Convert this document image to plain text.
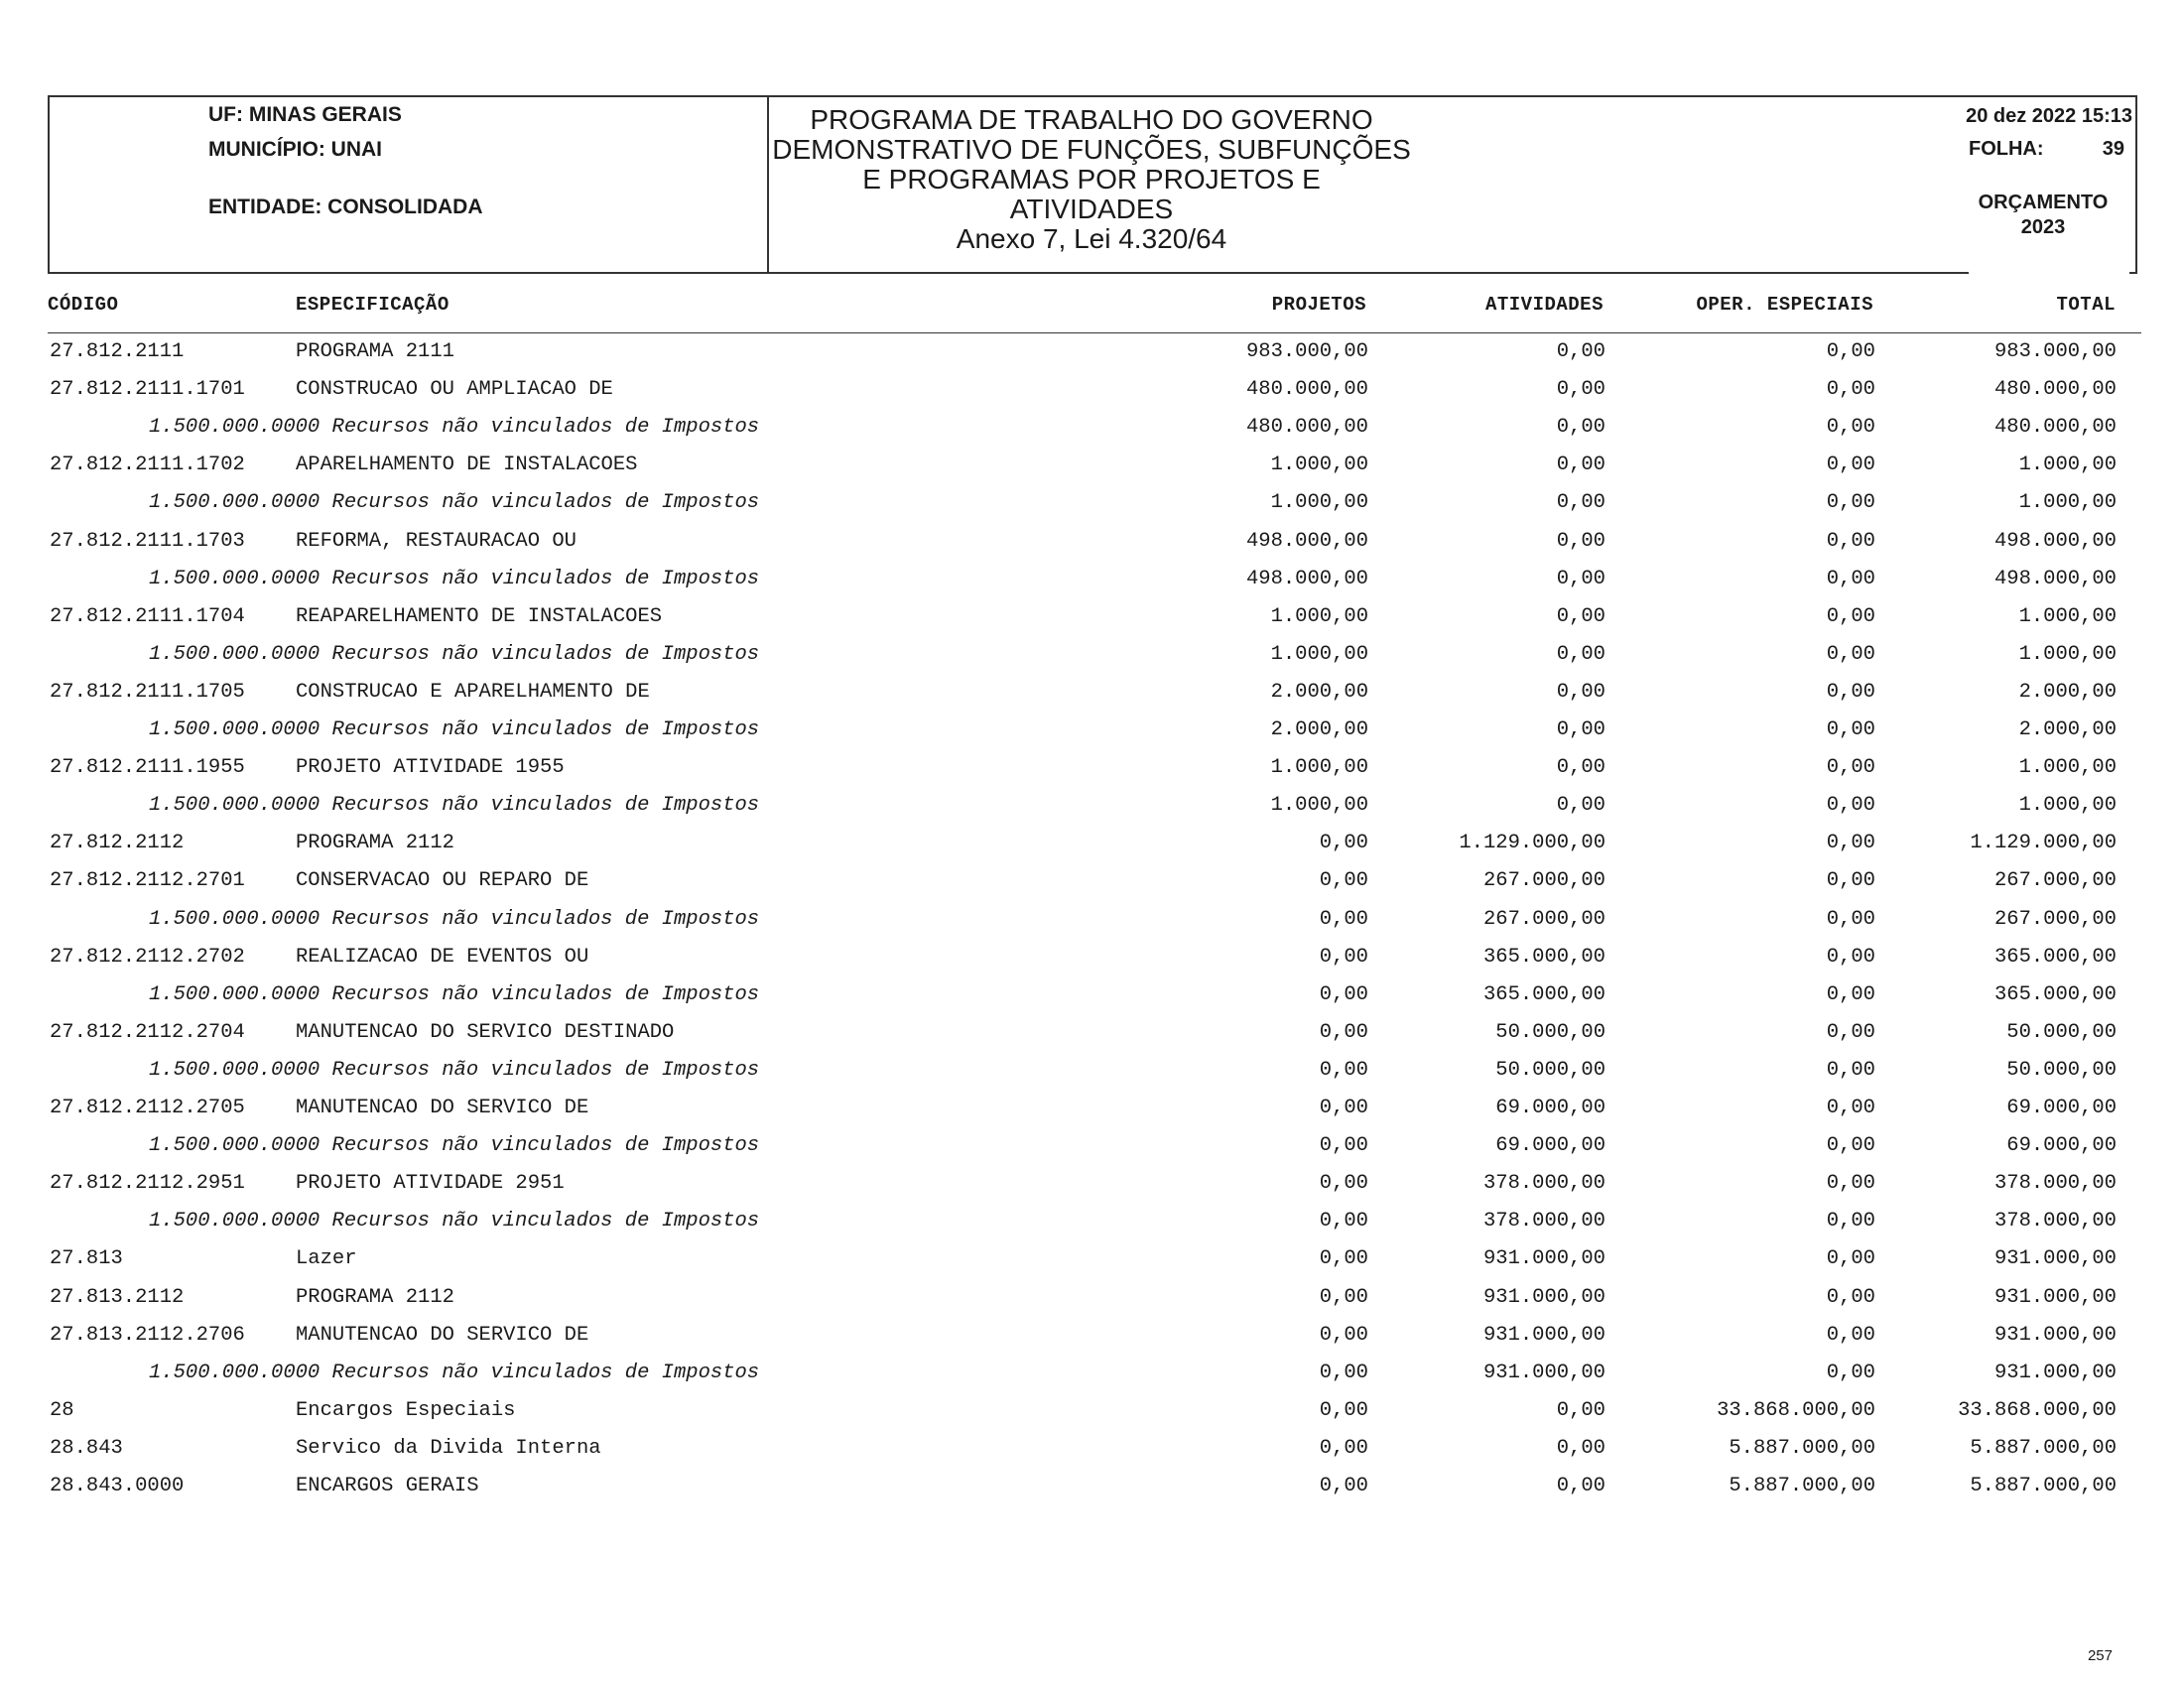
UF: MINAS GERAIS
MUNICÍPIO: UNAI
ENTIDADE: CONSOLIDADA
PROGRAMA DE TRABALHO DO GOVERNO
DEMONSTRATIVO DE FUNÇÕES, SUBFUNÇÕES
E PROGRAMAS POR PROJETOS E
ATIVIDADES
Anexo 7, Lei 4.320/64
20 dez 2022 15:13
FOLHA:	39
ORÇAMENTO
2023
CÓDIGO	ESPECIFICAÇÃO	PROJETOS	ATIVIDADES	OPER. ESPECIAIS	TOTAL
27.812.2111	PROGRAMA 2111	983.000,00	0,00	0,00	983.000,00
27.812.2111.1701 CONSTRUCAO OU AMPLIACAO DE	480.000,00	0,00	0,00	480.000,00
1.500.000.0000 Recursos não vinculados de Impostos	480.000,00	0,00	0,00	480.000,00
27.812.2111.1702 APARELHAMENTO DE INSTALACOES	1.000,00	0,00	0,00	1.000,00
1.500.000.0000 Recursos não vinculados de Impostos	1.000,00	0,00	0,00	1.000,00
27.812.2111.1703 REFORMA, RESTAURACAO OU	498.000,00	0,00	0,00	498.000,00
1.500.000.0000 Recursos não vinculados de Impostos	498.000,00	0,00	0,00	498.000,00
27.812.2111.1704 REAPARELHAMENTO DE INSTALACOES	1.000,00	0,00	0,00	1.000,00
1.500.000.0000 Recursos não vinculados de Impostos	1.000,00	0,00	0,00	1.000,00
27.812.2111.1705 CONSTRUCAO E APARELHAMENTO DE	2.000,00	0,00	0,00	2.000,00
1.500.000.0000 Recursos não vinculados de Impostos	2.000,00	0,00	0,00	2.000,00
27.812.2111.1955 PROJETO ATIVIDADE 1955	1.000,00	0,00	0,00	1.000,00
1.500.000.0000 Recursos não vinculados de Impostos	1.000,00	0,00	0,00	1.000,00
27.812.2112	PROGRAMA 2112	0,00	1.129.000,00	0,00	1.129.000,00
27.812.2112.2701 CONSERVACAO OU REPARO DE	0,00	267.000,00	0,00	267.000,00
1.500.000.0000 Recursos não vinculados de Impostos	0,00	267.000,00	0,00	267.000,00
27.812.2112.2702 REALIZACAO DE EVENTOS OU	0,00	365.000,00	0,00	365.000,00
1.500.000.0000 Recursos não vinculados de Impostos	0,00	365.000,00	0,00	365.000,00
27.812.2112.2704 MANUTENCAO DO SERVICO DESTINADO	0,00	50.000,00	0,00	50.000,00
1.500.000.0000 Recursos não vinculados de Impostos	0,00	50.000,00	0,00	50.000,00
27.812.2112.2705 MANUTENCAO DO SERVICO DE	0,00	69.000,00	0,00	69.000,00
1.500.000.0000 Recursos não vinculados de Impostos	0,00	69.000,00	0,00	69.000,00
27.812.2112.2951 PROJETO ATIVIDADE 2951	0,00	378.000,00	0,00	378.000,00
1.500.000.0000 Recursos não vinculados de Impostos	0,00	378.000,00	0,00	378.000,00
27.813	Lazer	0,00	931.000,00	0,00	931.000,00
27.813.2112	PROGRAMA 2112	0,00	931.000,00	0,00	931.000,00
27.813.2112.2706 MANUTENCAO DO SERVICO DE	0,00	931.000,00	0,00	931.000,00
1.500.000.0000 Recursos não vinculados de Impostos	0,00	931.000,00	0,00	931.000,00
28	Encargos Especiais	0,00	0,00	33.868.000,00	33.868.000,00
28.843	Servico da Divida Interna	0,00	0,00	5.887.000,00	5.887.000,00
28.843.0000	ENCARGOS GERAIS	0,00	0,00	5.887.000,00	5.887.000,00
257
